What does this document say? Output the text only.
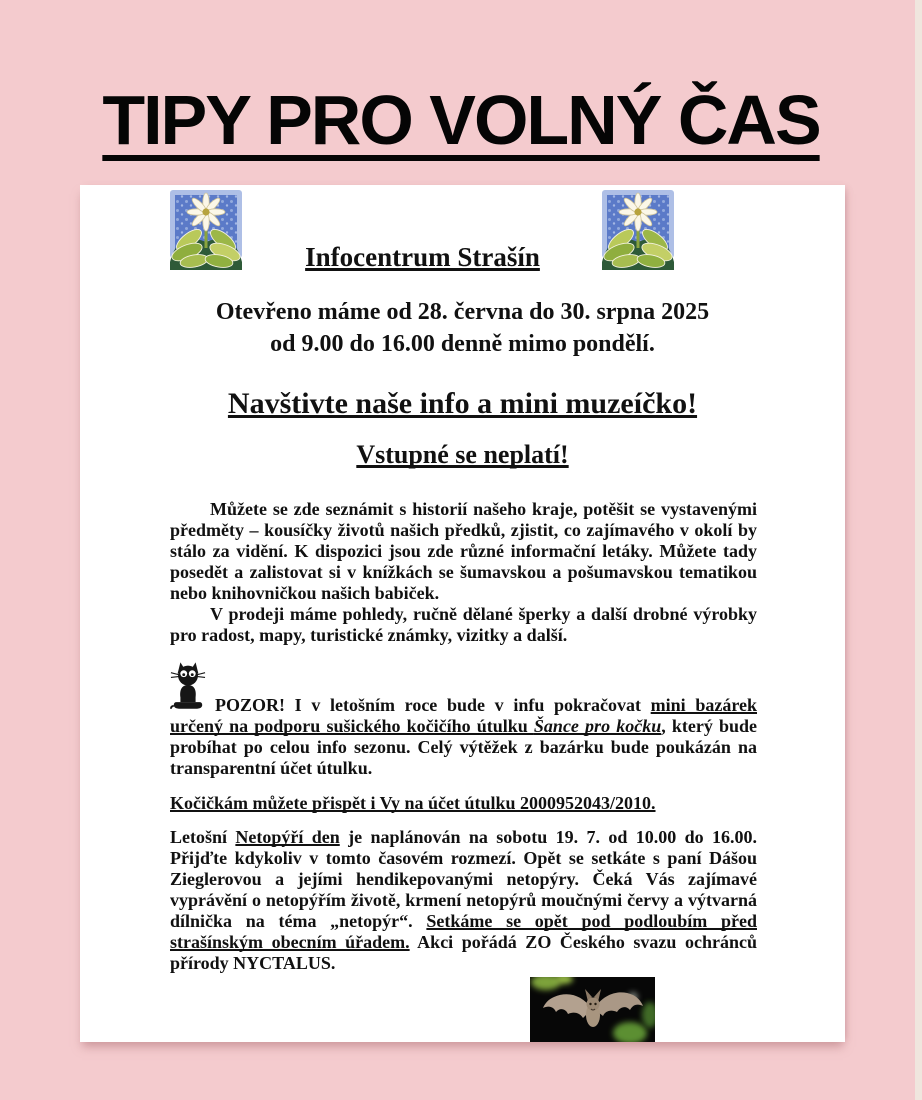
TIPY PRO VOLNÝ ČAS
Infocentrum Strašín
Otevřeno máme od 28. června do 30. srpna 2025
od 9.00 do 16.00 denně mimo pondělí.
Navštivte naše info a mini muzeíčko!
Vstupné se neplatí!

Můžete se zde seznámit s historií našeho kraje, potěšit se vystavenými předměty – kousíčky životů našich předků, zjistit, co zajímavého v okolí by stálo za vidění. K dispozici jsou zde různé informační letáky. Můžete tady posedět a zalistovat si v knížkách se šumavskou a pošumavskou tematikou nebo knihovničkou našich babiček.

V prodeji máme pohledy, ručně dělané šperky a další drobné výrobky pro radost, mapy, turistické známky, vizitky a další.

POZOR! I v letošním roce bude v infu pokračovat mini bazárek určený na podporu sušického kočičího útulku Šance pro kočku, který bude probíhat po celou info sezonu. Celý výtěžek z bazárku bude poukázán na transparentní účet útulku.

Kočičkám můžete přispět i Vy na účet útulku 2000952043/2010.

Letošní Netopýří den je naplánován na sobotu 19. 7. od 10.00 do 16.00. Přijďte kdykoliv v tomto časovém rozmezí. Opět se setkáte s paní Dášou Zieglerovou a jejími hendikepovanými netopýry. Čeká Vás zajímavé vyprávění o netopýřím životě, krmení netopýrů moučnými červy a výtvarná dílnička na téma „netopýr“. Setkáme se opět pod podloubím před strašínským obecním úřadem. Akci pořádá ZO Českého svazu ochránců přírody NYCTALUS.
